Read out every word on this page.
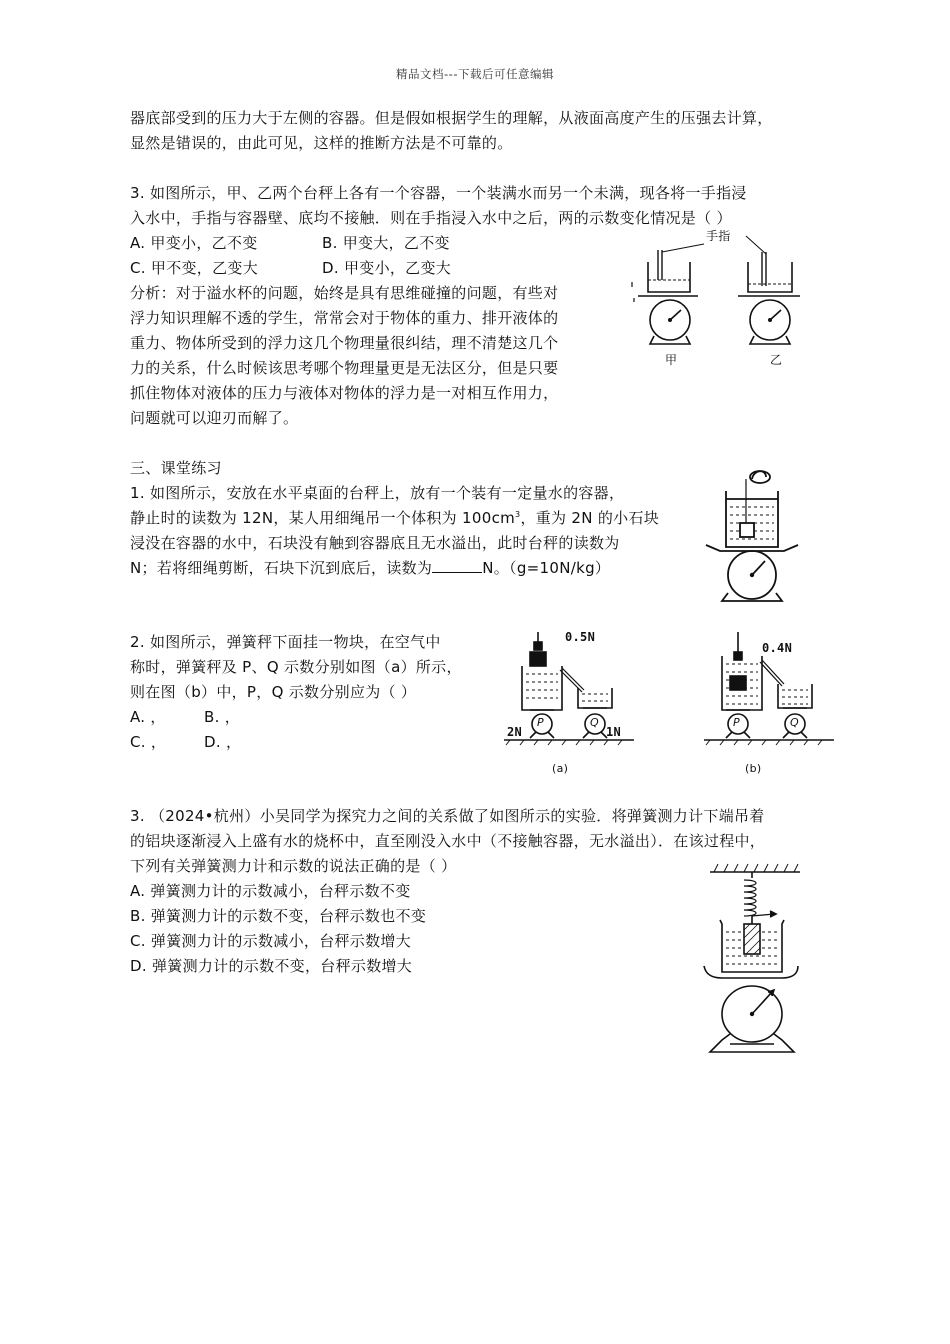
精品文档---下载后可任意编辑
器底部受到的压力大于左侧的容器。但是假如根据学生的理解，从液面高度产生的压强去计算，
显然是错误的，由此可见，这样的推断方法是不可靠的。
3. 如图所示，甲、乙两个台秤上各有一个容器，一个装满水而另一个未满，现各将一手指浸
入水中，手指与容器壁、底均不接触．则在手指浸入水中之后，两的示数变化情况是（ ）
A. 甲变小，乙不变	B. 甲变大，乙不变
C. 甲不变，乙变大	D. 甲变小，乙变大
分析：对于溢水杯的问题，始终是具有思维碰撞的问题，有些对
浮力知识理解不透的学生，常常会对于物体的重力、排开液体的
重力、物体所受到的浮力这几个物理量很纠结，理不清楚这几个
力的关系，什么时候该思考哪个物理量更是无法区分，但是只要
抓住物体对液体的压力与液体对物体的浮力是一对相互作用力，
问题就可以迎刃而解了。
手指
甲	乙
三、课堂练习
1. 如图所示，安放在水平桌面的台秤上，放有一个装有一定量水的容器，
静止时的读数为 12N，某人用细绳吊一个体积为 $100cm^3$，重为 2N 的小石块
浸没在容器的水中，石块没有触到容器底且无水溢出，此时台秤的读数为
N；若将细绳剪断，石块下沉到底后，读数为	N。（g=10N/kg）
2. 如图所示，弹簧秤下面挂一物块，在空气中
称时，弹簧秤及 P、Q 示数分别如图（a）所示，
则在图（b）中，P，Q 示数分别应为（ ）
A. ，	B. ，
C. ，	D. ，
0.5N
P	Q
2N	1N
(a)
0.4N
P	Q
(b)
3. （2024•杭州）小吴同学为探究力之间的关系做了如图所示的实验．将弹簧测力计下端吊着
的铝块逐渐浸入上盛有水的烧杯中，直至刚没入水中（不接触容器，无水溢出）．在该过程中，
下列有关弹簧测力计和示数的说法正确的是（ ）
A. 弹簧测力计的示数减小，台秤示数不变
B. 弹簧测力计的示数不变，台秤示数也不变
C. 弹簧测力计的示数减小，台秤示数增大
D. 弹簧测力计的示数不变，台秤示数增大
